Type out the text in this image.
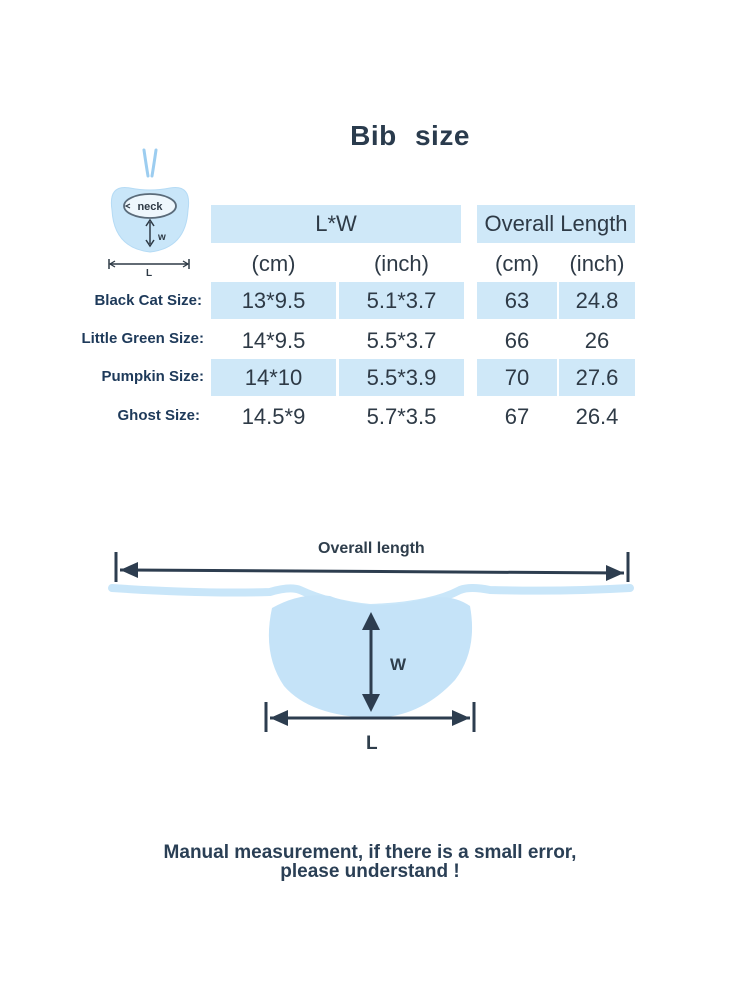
Bib size
neck
w
L
L*W	Overall Length
(cm)	(inch)	(cm)	(inch)
Black Cat Size:	13*9.5	5.1*3.7	63	24.8
Little Green Size:	14*9.5	5.5*3.7	66	26
Pumpkin Size:	14*10	5.5*3.9	70	27.6
Ghost Size:	14.5*9	5.7*3.5	67	26.4
Overall length
W
L
Manual measurement, if there is a small error,
please understand !
